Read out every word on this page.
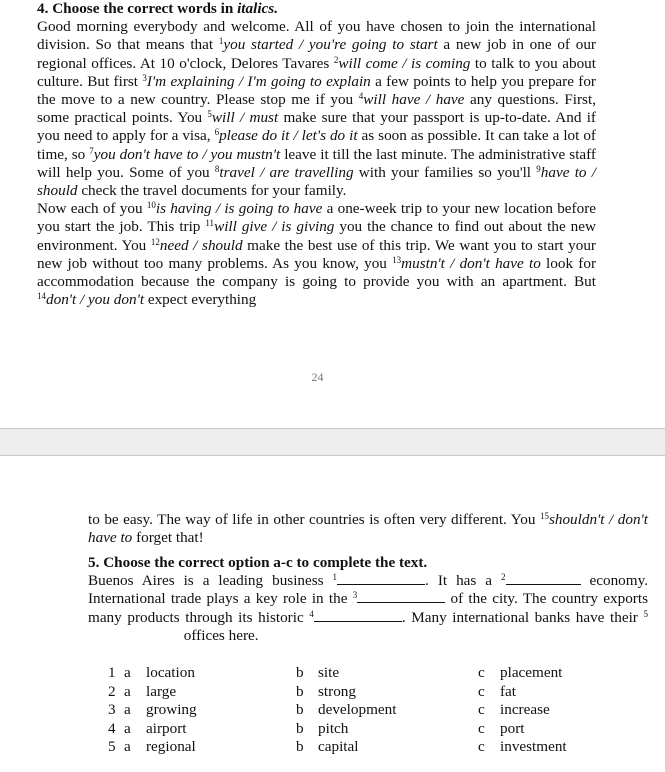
4. Choose the correct words in italics.

Good morning everybody and welcome. All of you have chosen to join the international division. So that means that $^1$you started / you're going to start a new job in one of our regional offices. At 10 o'clock, Delores Tavares $^2$will come / is coming to talk to you about culture. But first $^3$I'm explaining / I'm going to explain a few points to help you prepare for the move to a new country. Please stop me if you $^4$will have / have any questions. First, some practical points. You $^5$will / must make sure that your passport is up-to-date. And if you need to apply for a visa, $^6$please do it / let's do it as soon as possible. It can take a lot of time, so $^7$you don't have to / you mustn't leave it till the last minute. The administrative staff will help you. Some of you $^8$travel / are travelling with your families so you'll $^9$have to / should check the travel documents for your family.

Now each of you $^{10}$is having / is going to have a one-week trip to your new location before you start the job. This trip $^{11}$will give / is giving you the chance to find out about the new environment. You $^{12}$need / should make the best use of this trip. We want you to start your new job without too many problems. As you know, you $^{13}$mustn't / don't have to look for accommodation because the company is going to provide you with an apartment. But $^{14}$don't / you don't expect everything

24

to be easy. The way of life in other countries is often very different. You $^{15}$shouldn't / don't have to forget that!

5. Choose the correct option a-c to complete the text.

Buenos Aires is a leading business $^1$	. It has a $^2$	economy. International trade plays a key role in the $^3$	of the city. The country exports many products through its historic $^4$	. Many international banks have their $^5$ offices here.

1	a	location	b	site	c	placement
2	a	large	b	strong	c	fat
3	a	growing	b	development	c	increase
4	a	airport	b	pitch	c	port
5	a	regional	b	capital	c	investment
